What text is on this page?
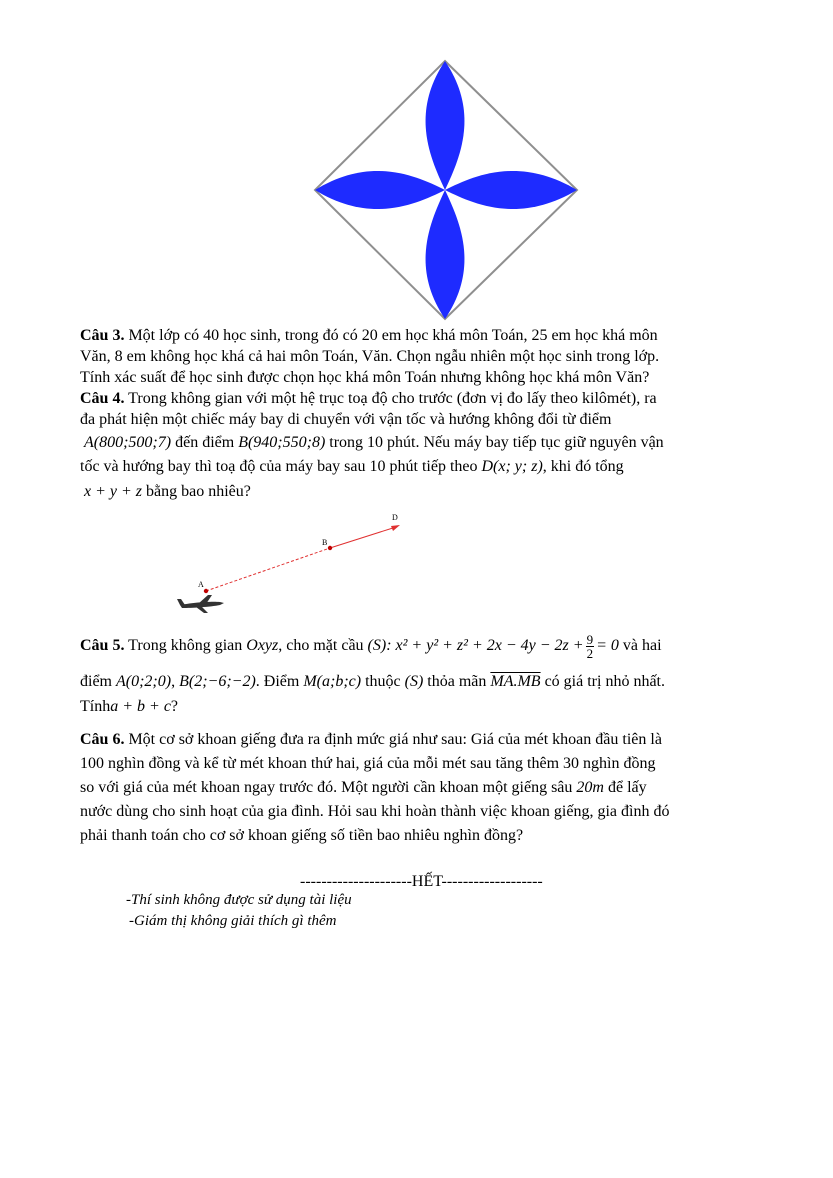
Câu 3. Một lớp có 40 học sinh, trong đó có 20 em học khá môn Toán, 25 em học khá môn
Văn, 8 em không học khá cả hai môn Toán, Văn. Chọn ngẫu nhiên một học sinh trong lớp.
Tính xác suất để học sinh được chọn học khá môn Toán nhưng không học khá môn Văn?
Câu 4. Trong không gian với một hệ trục toạ độ cho trước (đơn vị đo lấy theo kilômét), ra
đa phát hiện một chiếc máy bay di chuyển với vận tốc và hướng không đổi từ điểm
A(800;500;7) đến điểm B(940;550;8) trong 10 phút. Nếu máy bay tiếp tục giữ nguyên vận
tốc và hướng bay thì toạ độ của máy bay sau 10 phút tiếp theo D(x; y; z), khi đó tổng
x + y + z bằng bao nhiêu?
A
B
D
Câu 5. Trong không gian Oxyz, cho mặt cầu (S): $x^2 + y^2 + z^2 + 2x - 4y - 2z + \frac{9}{2} = 0$ và hai
điểm A(0;2;0), B(2;−6;−2). Điểm M(a;b;c) thuộc (S) thỏa mãn MA.MB có giá trị nhỏ nhất.
Tínha + b + c?
Câu 6. Một cơ sở khoan giếng đưa ra định mức giá như sau: Giá của mét khoan đầu tiên là
100 nghìn đồng và kể từ mét khoan thứ hai, giá của mỗi mét sau tăng thêm 30 nghìn đồng
so với giá của mét khoan ngay trước đó. Một người cần khoan một giếng sâu 20m để lấy
nước dùng cho sinh hoạt của gia đình. Hỏi sau khi hoàn thành việc khoan giếng, gia đình đó
phải thanh toán cho cơ sở khoan giếng số tiền bao nhiêu nghìn đồng?
---------------------HẾT-------------------
-Thí sinh không được sử dụng tài liệu
-Giám thị không giải thích gì thêm
